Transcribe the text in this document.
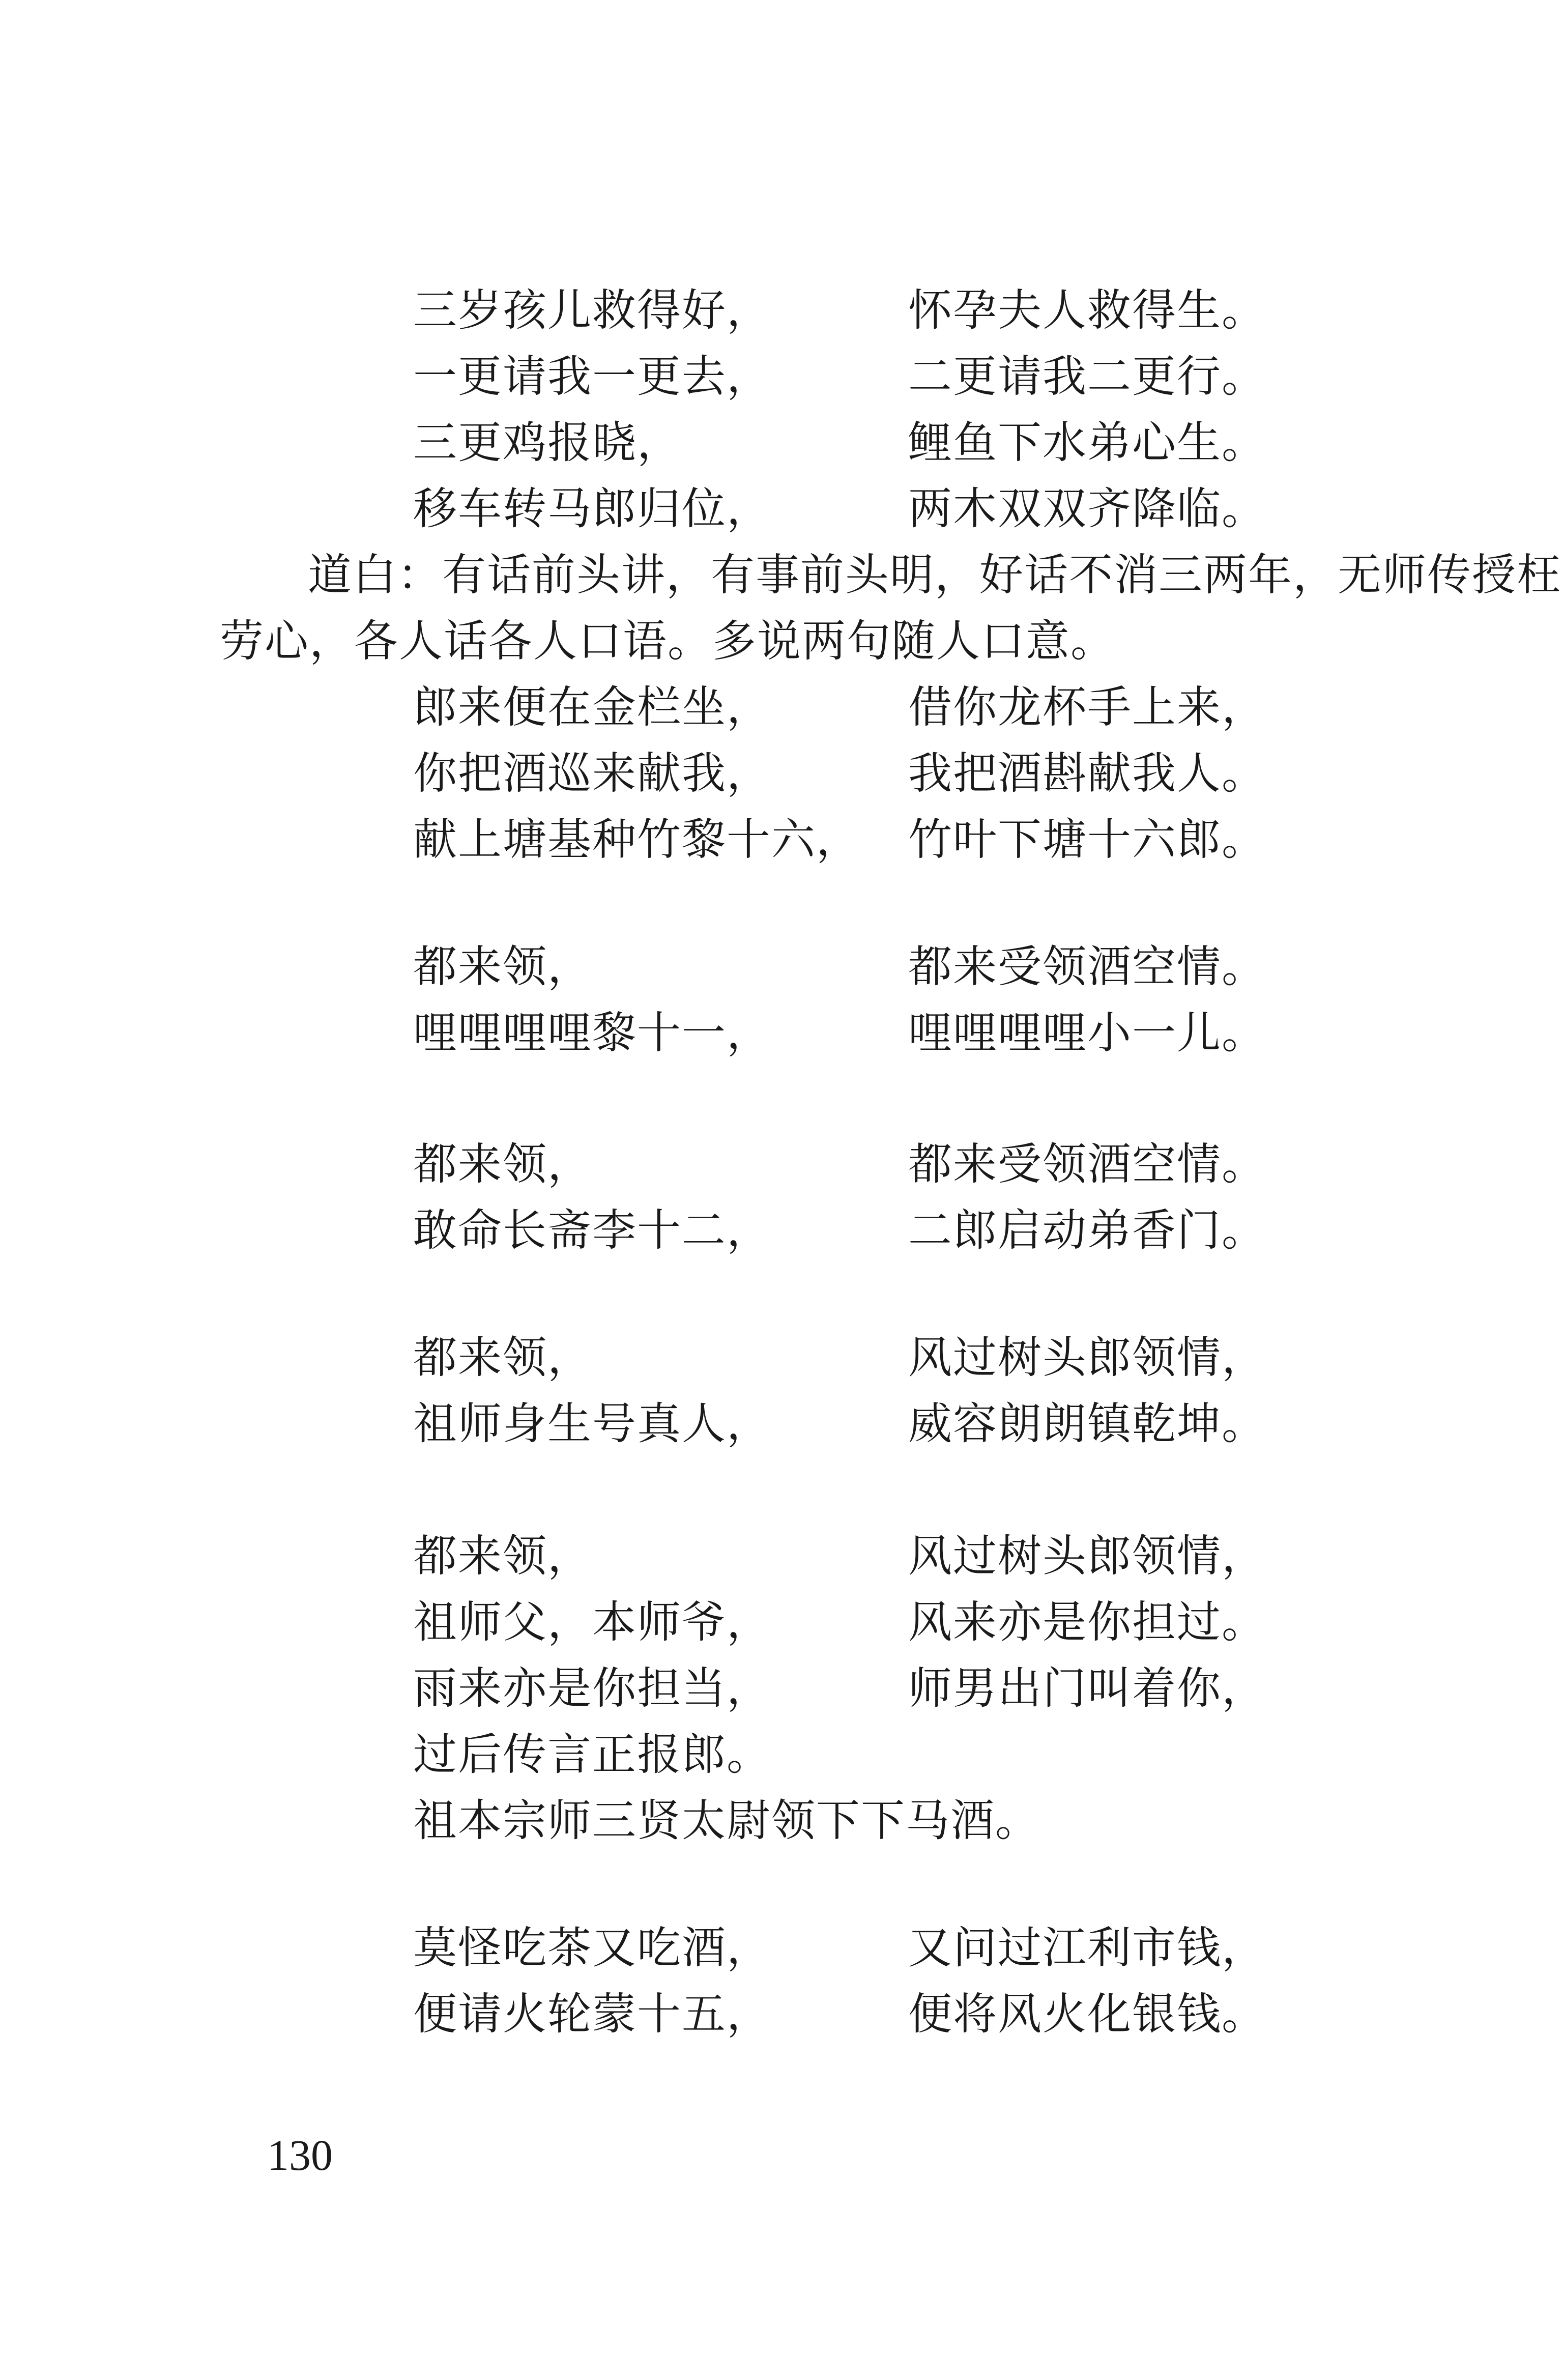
三岁孩儿救得好，	怀孕夫人救得生。
一更请我一更去，	二更请我二更行。
三更鸡报晓，	鲤鱼下水弟心生。
移车转马郎归位，	两木双双齐降临。
道白：有话前头讲，有事前头明，好话不消三两年，无师传授枉
劳心，各人话各人口语。多说两句随人口意。
郎来便在金栏坐，	借你龙杯手上来，
你把酒巡来献我，	我把酒斟献我人。
献上塘基种竹黎十六， 竹叶下塘十六郎。
都来领，	都来受领酒空情。
哩哩哩哩黎十一，	哩哩哩哩小一儿。
都来领，	都来受领酒空情。
敢命长斋李十二，	二郎启动弟香门。
都来领，	风过树头郎领情，
祖师身生号真人，	威容朗朗镇乾坤。
都来领，	风过树头郎领情，
祖师父，本师爷，	风来亦是你担过。
雨来亦是你担当，	师男出门叫着你，
过后传言正报郎。
祖本宗师三贤太尉领下下马酒。
莫怪吃茶又吃酒，	又问过江利市钱，
便请火轮蒙十五，	便将风火化银钱。
130
